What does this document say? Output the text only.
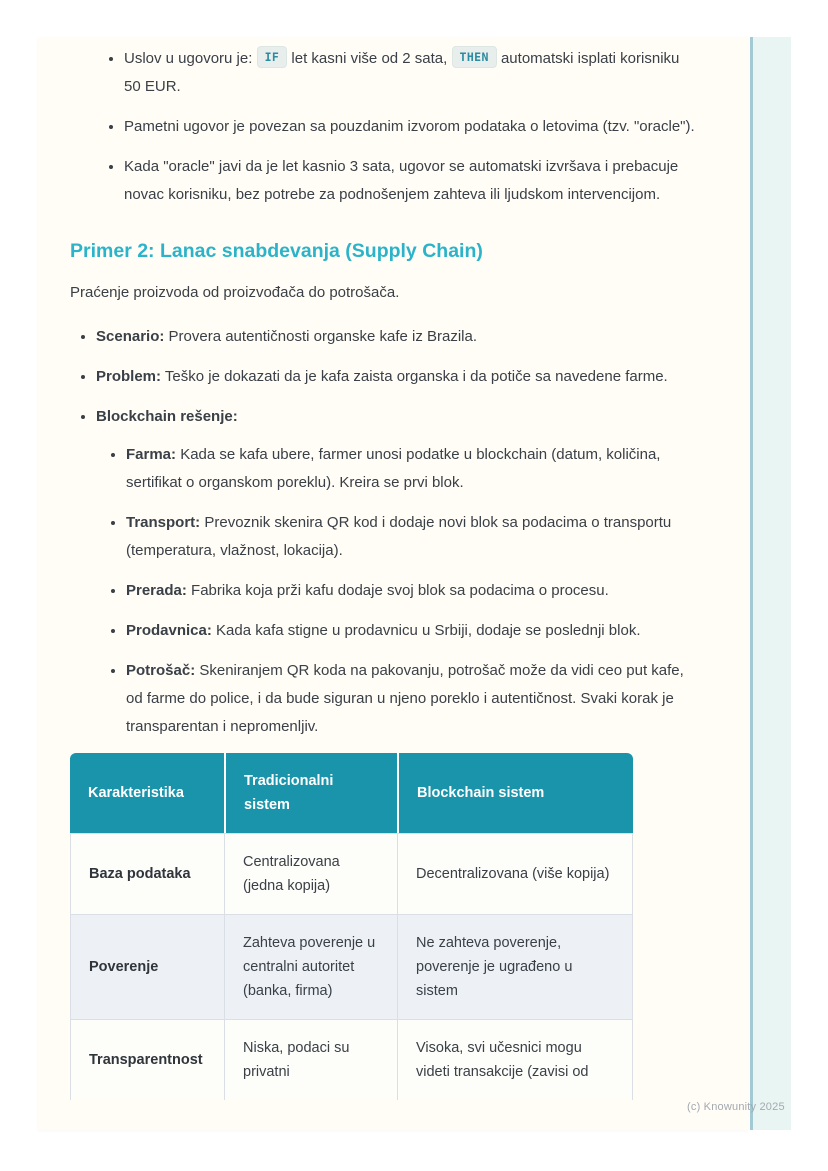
• Uslov u ugovoru je: IF let kasni više od 2 sata, THEN automatski isplati korisniku 50 EUR.
• Pametni ugovor je povezan sa pouzdanim izvorom podataka o letovima (tzv. "oracle").
• Kada "oracle" javi da je let kasnio 3 sata, ugovor se automatski izvršava i prebacuje novac korisniku, bez potrebe za podnošenjem zahteva ili ljudskom intervencijom.
Primer 2: Lanac snabdevanja (Supply Chain)

Praćenje proizvoda od proizvođača do potrošača.

• Scenario: Provera autentičnosti organske kafe iz Brazila.
• Problem: Teško je dokazati da je kafa zaista organska i da potiče sa navedene farme.
• Blockchain rešenje:
• Farma: Kada se kafa ubere, farmer unosi podatke u blockchain (datum, količina, sertifikat o organskom poreklu). Kreira se prvi blok.
• Transport: Prevoznik skenira QR kod i dodaje novi blok sa podacima o transportu (temperatura, vlažnost, lokacija).
• Prerada: Fabrika koja prži kafu dodaje svoj blok sa podacima o procesu.
• Prodavnica: Kada kafa stigne u prodavnicu u Srbiji, dodaje se poslednji blok.
• Potrošač: Skeniranjem QR koda na pakovanju, potrošač može da vidi ceo put kafe, od farme do police, i da bude siguran u njeno poreklo i autentičnost. Svaki korak je transparentan i nepromenljiv.
Karakteristika	Tradicionalni sistem	Blockchain sistem
Baza podataka	Centralizovana (jedna kopija)	Decentralizovana (više kopija)
Poverenje	Zahteva poverenje u centralni autoritet (banka, firma)	Ne zahteva poverenje, poverenje je ugrađeno u sistem
Transparentnost	Niska, podaci su privatni	Visoka, svi učesnici mogu videti transakcije (zavisi od
(c) Knowunity 2025
